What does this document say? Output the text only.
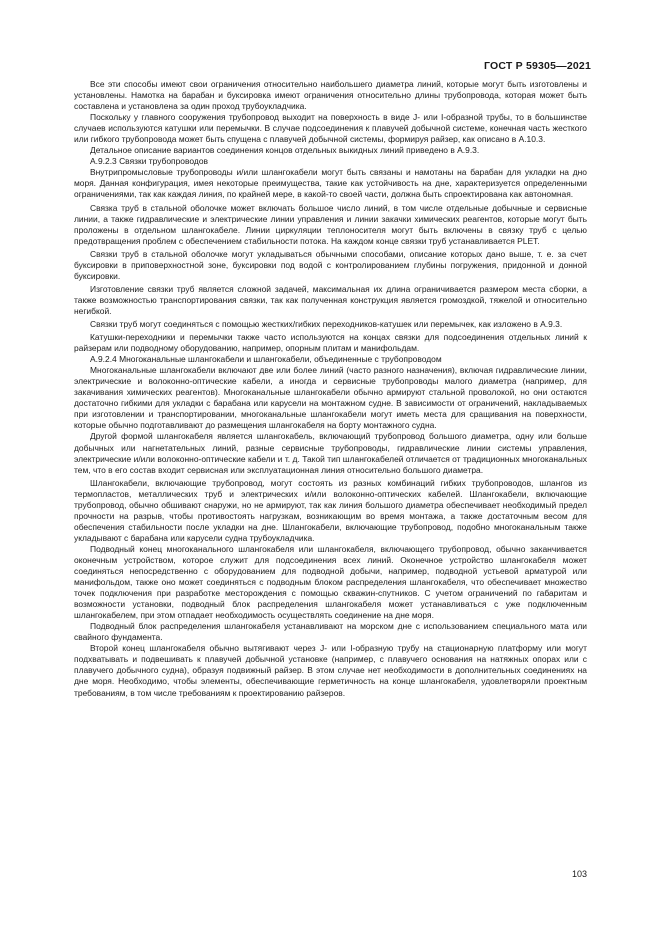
ГОСТ Р 59305—2021

Все эти способы имеют свои ограничения относительно наибольшего диаметра линий, которые могут быть изготовлены и установлены. Намотка на барабан и буксировка имеют ограничения относительно длины трубопровода, которая может быть составлена и установлена за один проход трубоукладчика.

Поскольку у главного сооружения трубопровод выходит на поверхность в виде J- или I-образной трубы, то в большинстве случаев используются катушки или перемычки. В случае подсоединения к плавучей добычной системе, конечная часть жесткого или гибкого трубопровода может быть спущена с плавучей добычной системы, формируя райзер, как описано в А.10.3.

Детальное описание вариантов соединения концов отдельных выкидных линий приведено в А.9.3.

А.9.2.3 Связки трубопроводов

Внутрипромысловые трубопроводы и/или шлангокабели могут быть связаны и намотаны на барабан для укладки на дно моря. Данная конфигурация, имея некоторые преимущества, такие как устойчивость на дне, характеризуется определенными ограничениями, так как каждая линия, по крайней мере, в какой-то своей части, должна быть спроектирована как автономная.

Связка труб в стальной оболочке может включать большое число линий, в том числе отдельные добычные и сервисные линии, а также гидравлические и электрические линии управления и линии закачки химических реагентов, которые могут быть проложены в отдельном шлангокабеле. Линии циркуляции теплоносителя могут быть включены в связку труб с целью предотвращения проблем с обеспечением стабильности потока. На каждом конце связки труб устанавливается PLET.

Связки труб в стальной оболочке могут укладываться обычными способами, описание которых дано выше, т. е. за счет буксировки в приповерхностной зоне, буксировки под водой с контролированием глубины погружения, придонной и донной буксировки.

Изготовление связки труб является сложной задачей, максимальная их длина ограничивается размером места сборки, а также возможностью транспортирования связки, так как полученная конструкция является громоздкой, тяжелой и относительно негибкой.

Связки труб могут соединяться с помощью жестких/гибких переходников-катушек или перемычек, как изложено в А.9.3.

Катушки-переходники и перемычки также часто используются на концах связки для подсоединения отдельных линий к райзерам или подводному оборудованию, например, опорным плитам и манифольдам.

А.9.2.4 Многоканальные шлангокабели и шлангокабели, объединенные с трубопроводом

Многоканальные шлангокабели включают две или более линий (часто разного назначения), включая гидравлические линии, электрические и волоконно-оптические кабели, а иногда и сервисные трубопроводы малого диаметра (например, для закачивания химических реагентов). Многоканальные шлангокабели обычно армируют стальной проволокой, но они остаются достаточно гибкими для укладки с барабана или карусели на монтажном судне. В зависимости от ограничений, накладываемых при изготовлении и транспортировании, многоканальные шлангокабели могут иметь места для сращивания на поверхности, которые обычно подготавливают до размещения шлангокабеля на борту монтажного судна.

Другой формой шлангокабеля является шлангокабель, включающий трубопровод большого диаметра, одну или больше добычных или нагнетательных линий, разные сервисные трубопроводы, гидравлические линии системы управления, электрические и/или волоконно-оптические кабели и т. д. Такой тип шлангокабелей отличается от традиционных многоканальных тем, что в его состав входит сервисная или эксплуатационная линия относительно большого диаметра.

Шлангокабели, включающие трубопровод, могут состоять из разных комбинаций гибких трубопроводов, шлангов из термопластов, металлических труб и электрических и/или волоконно-оптических кабелей. Шлангокабели, включающие трубопровод, обычно обшивают снаружи, но не армируют, так как линия большого диаметра обеспечивает необходимый предел прочности на разрыв, чтобы противостоять нагрузкам, возникающим во время монтажа, а также достаточным весом для обеспечения стабильности после укладки на дне. Шлангокабели, включающие трубопровод, подобно многоканальным также укладывают с барабана или карусели судна трубоукладчика.

Подводный конец многоканального шлангокабеля или шлангокабеля, включающего трубопровод, обычно заканчивается оконечным устройством, которое служит для подсоединения всех линий. Оконечное устройство шлангокабеля может соединяться непосредственно с оборудованием для подводной добычи, например, подводной устьевой арматурой или манифольдом, также оно может соединяться с подводным блоком распределения шлангокабеля, что обеспечивает множество точек подключения при разработке месторождения с помощью скважин-спутников. С учетом ограничений по габаритам и возможности установки, подводный блок распределения шлангокабеля может устанавливаться с уже подключенным шлангокабелем, при этом отпадает необходимость осуществлять соединение на дне моря.

Подводный блок распределения шлангокабеля устанавливают на морском дне с использованием специального мата или свайного фундамента.

Второй конец шлангокабеля обычно вытягивают через J- или I-образную трубу на стационарную платформу или могут подхватывать и подвешивать к плавучей добычной установке (например, с плавучего основания на натяжных опорах или с плавучего добычного судна), образуя подвижный райзер. В этом случае нет необходимости в дополнительных соединениях на дне моря. Необходимо, чтобы элементы, обеспечивающие герметичность на конце шлангокабеля, удовлетворяли проектным требованиям, в том числе требованиям к проектированию райзеров.

103
